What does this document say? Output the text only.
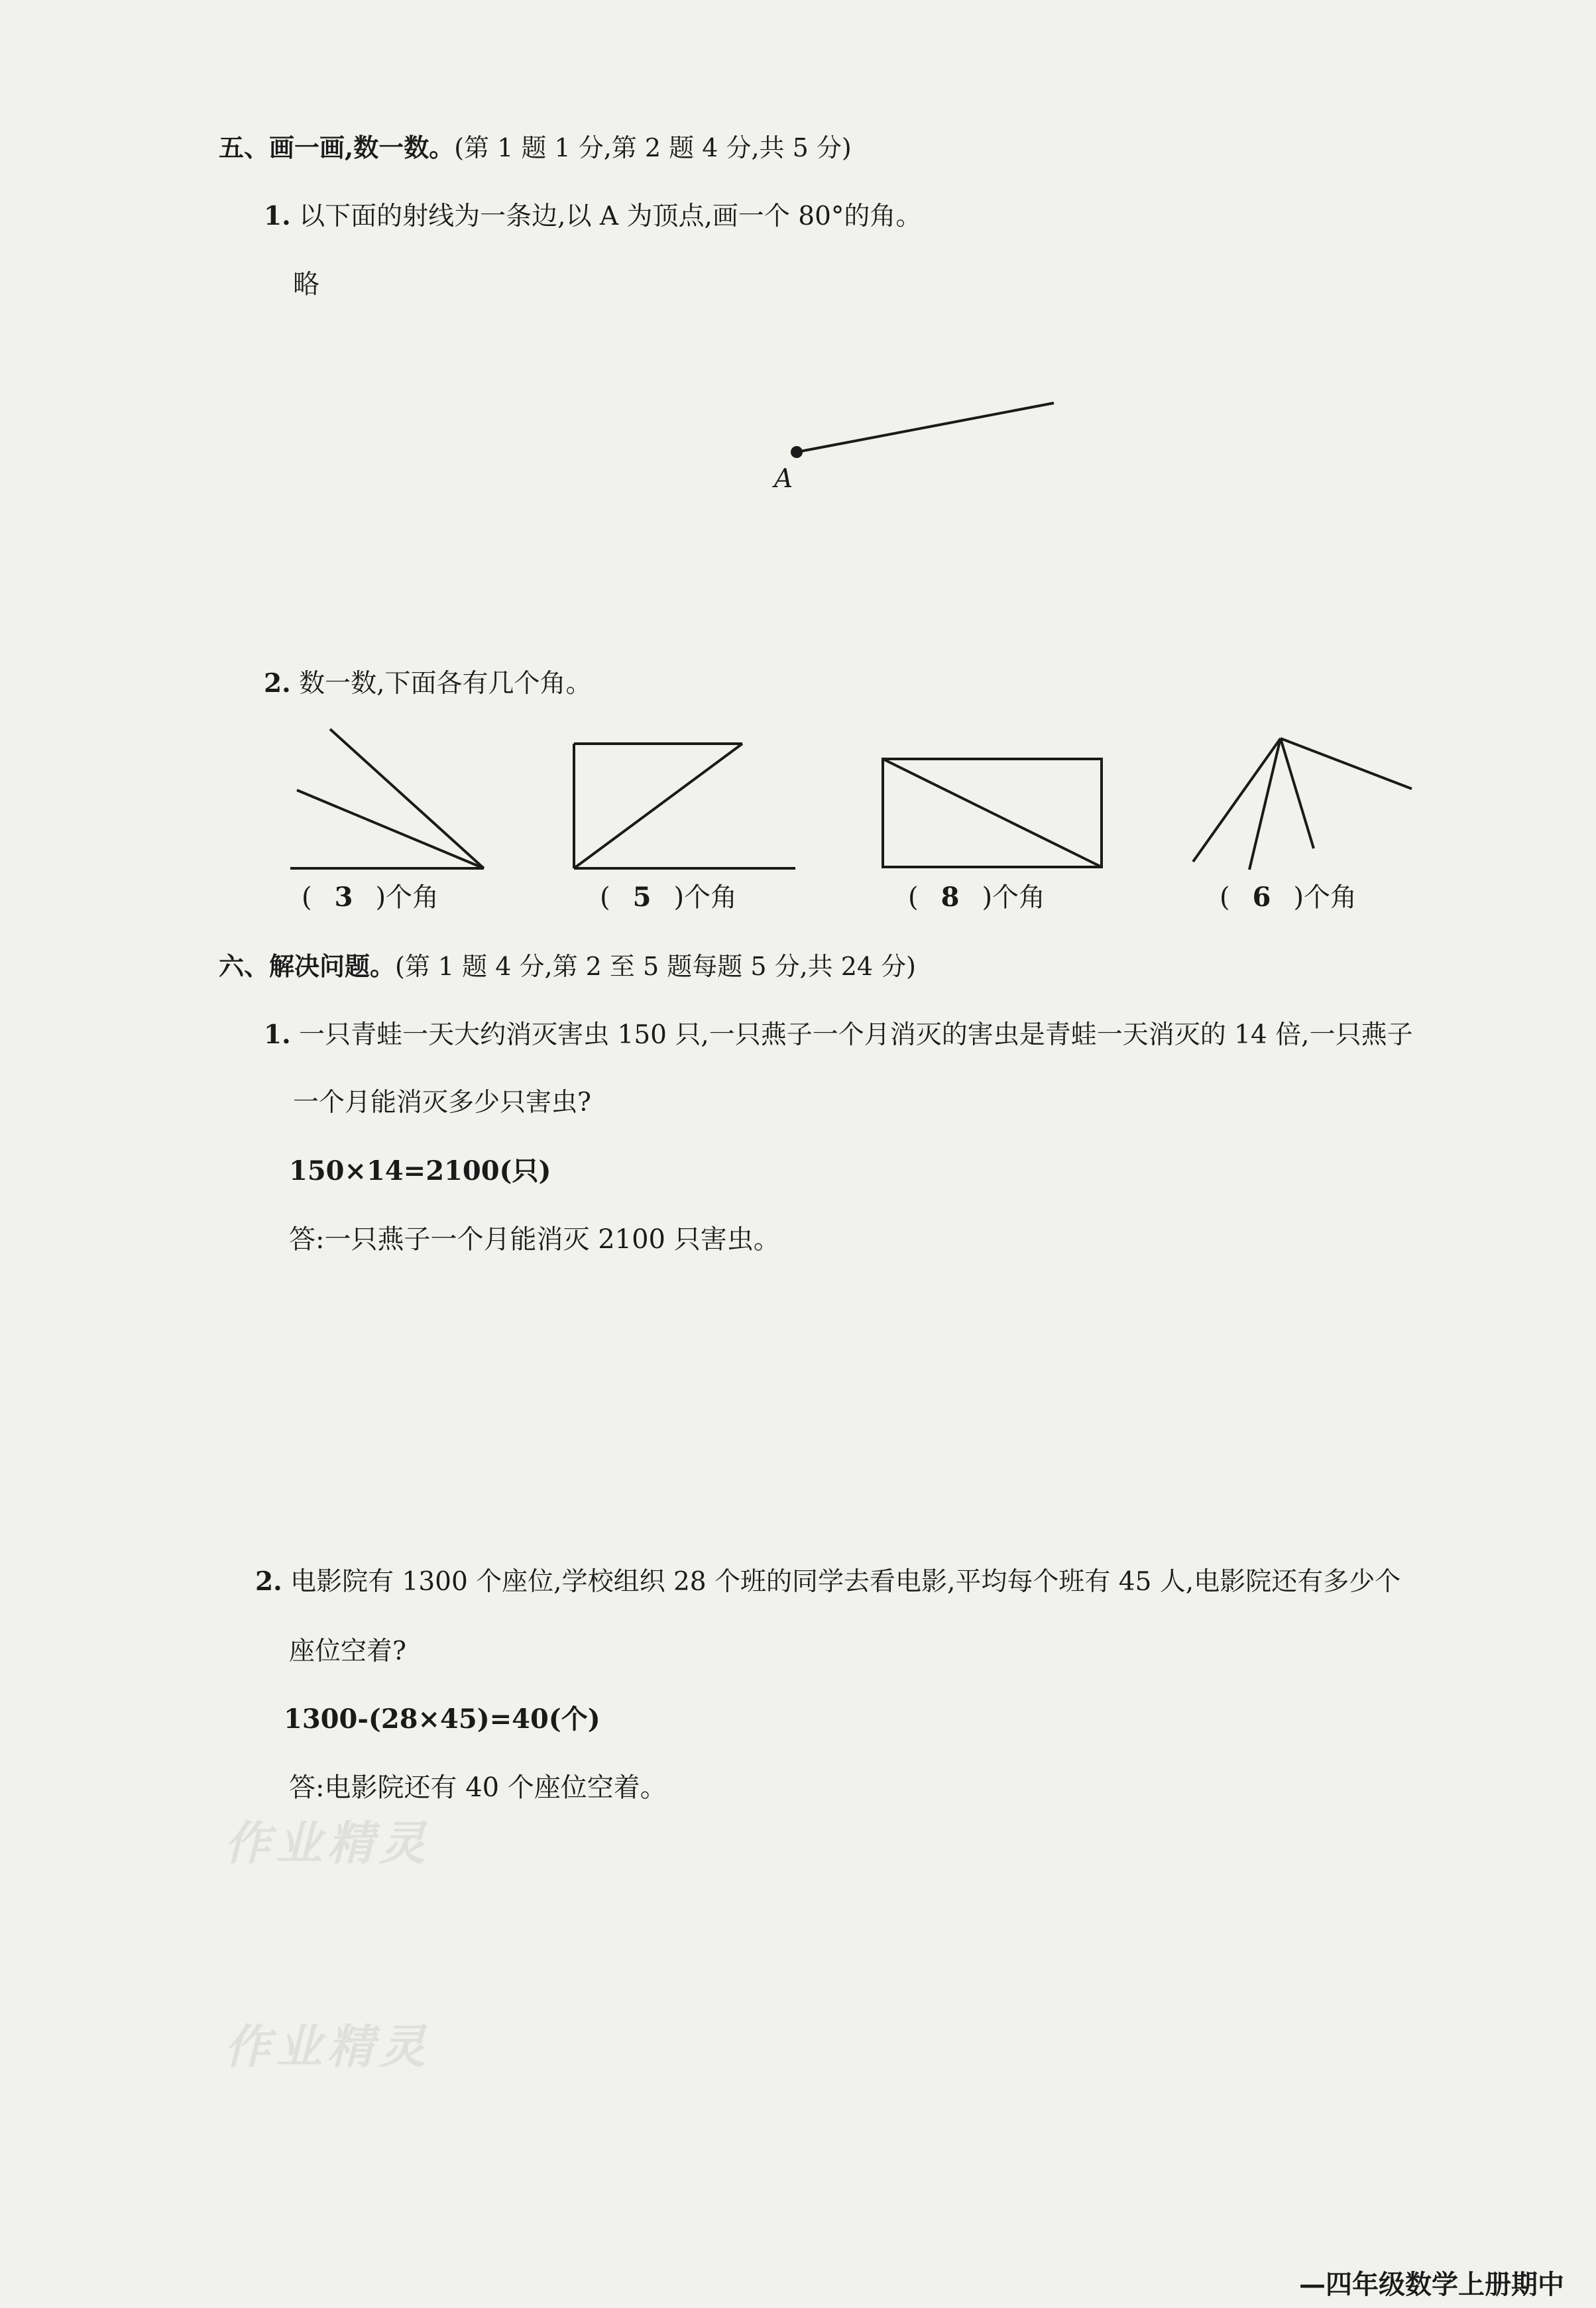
五、画一画,数一数。(第 1 题 1 分,第 2 题 4 分,共 5 分)
1. 以下面的射线为一条边,以 A 为顶点,画一个 80°的角。
略
A
2. 数一数,下面各有几个角。
( 3 )个角	( 5 )个角	( 8 )个角	( 6 )个角
六、解决问题。(第 1 题 4 分,第 2 至 5 题每题 5 分,共 24 分)
1. 一只青蛙一天大约消灭害虫 150 只,一只燕子一个月消灭的害虫是青蛙一天消灭的 14 倍,一只燕子
一个月能消灭多少只害虫?
150×14=2100(只)
答:一只燕子一个月能消灭 2100 只害虫。
2. 电影院有 1300 个座位,学校组织 28 个班的同学去看电影,平均每个班有 45 人,电影院还有多少个
座位空着?
1300-(28×45)=40(个)
答:电影院还有 40 个座位空着。
作业精灵
作业精灵
—四年级数学上册期中
